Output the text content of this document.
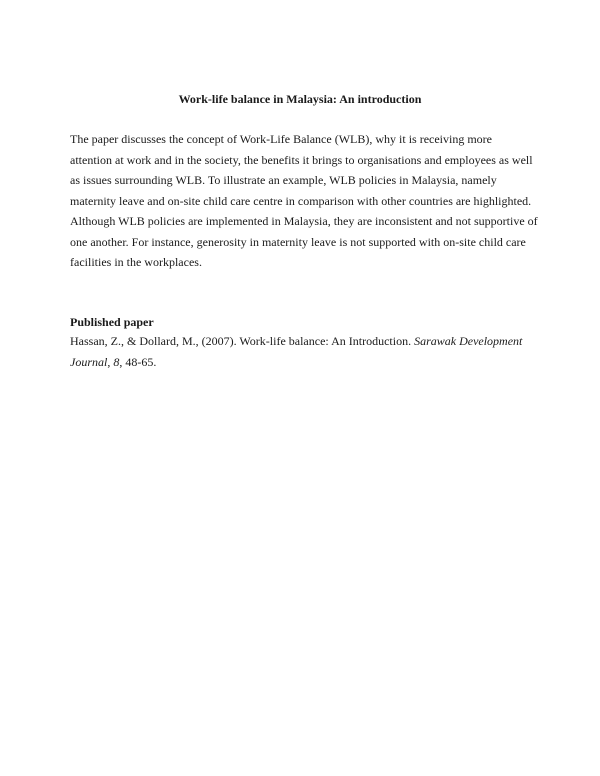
Work-life balance in Malaysia: An introduction

The paper discusses the concept of Work-Life Balance (WLB), why it is receiving more
attention at work and in the society, the benefits it brings to organisations and employees as well
as issues surrounding WLB. To illustrate an example, WLB policies in Malaysia, namely
maternity leave and on-site child care centre in comparison with other countries are highlighted.
Although WLB policies are implemented in Malaysia, they are inconsistent and not supportive of
one another. For instance, generosity in maternity leave is not supported with on-site child care
facilities in the workplaces.

Published paper

Hassan, Z., & Dollard, M., (2007). Work-life balance: An Introduction. Sarawak Development
Journal, 8, 48-65.
